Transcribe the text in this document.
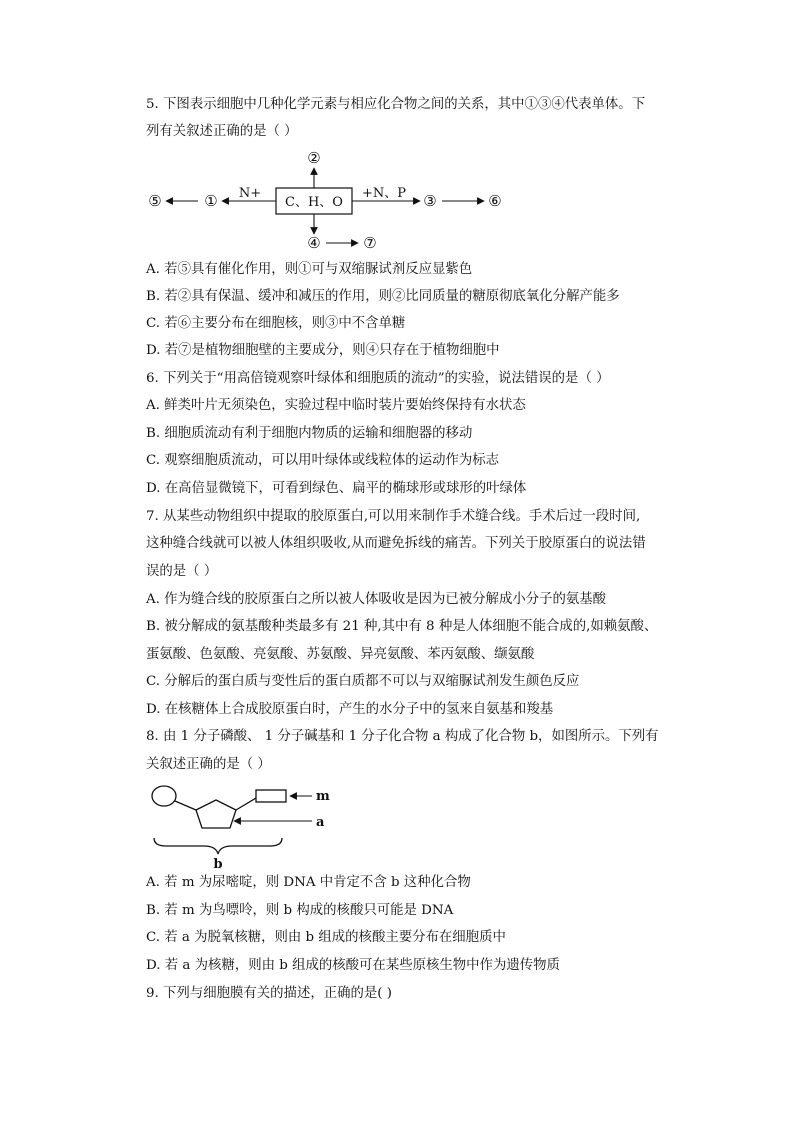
5. 下图表示细胞中几种化学元素与相应化合物之间的关系，其中①③④代表单体。下
列有关叙述正确的是（ ）
C、H、O
②
④	⑦
N+
①
⑤	+N、P ③	⑥
A. 若⑤具有催化作用，则①可与双缩脲试剂反应显紫色
B. 若②具有保温、缓冲和减压的作用，则②比同质量的糖原彻底氧化分解产能多
C. 若⑥主要分布在细胞核，则③中不含单糖
D. 若⑦是植物细胞壁的主要成分，则④只存在于植物细胞中
6. 下列关于“用高倍镜观察叶绿体和细胞质的流动”的实验，说法错误的是（ ）
A. 鲜类叶片无须染色，实验过程中临时装片要始终保持有水状态
B. 细胞质流动有利于细胞内物质的运输和细胞器的移动
C. 观察细胞质流动，可以用叶绿体或线粒体的运动作为标志
D. 在高倍显微镜下，可看到绿色、扁平的椭球形或球形的叶绿体
7. 从某些动物组织中提取的胶原蛋白,可以用来制作手术缝合线。手术后过一段时间,
这种缝合线就可以被人体组织吸收,从而避免拆线的痛苦。下列关于胶原蛋白的说法错
误的是（ ）
A. 作为缝合线的胶原蛋白之所以被人体吸收是因为已被分解成小分子的氨基酸
B. 被分解成的氨基酸种类最多有 21 种,其中有 8 种是人体细胞不能合成的,如赖氨酸、
蛋氨酸、色氨酸、亮氨酸、苏氨酸、异亮氨酸、苯丙氨酸、缬氨酸
C. 分解后的蛋白质与变性后的蛋白质都不可以与双缩脲试剂发生颜色反应
D. 在核糖体上合成胶原蛋白时，产生的水分子中的氢来自氨基和羧基
8. 由 1 分子磷酸、 1 分子碱基和 1 分子化合物 a 构成了化合物 b，如图所示。下列有
关叙述正确的是（ ）
m
a
b
A. 若 m 为尿嘧啶，则 DNA 中肯定不含 b 这种化合物
B. 若 m 为鸟嘌呤，则 b 构成的核酸只可能是 DNA
C. 若 a 为脱氧核糖，则由 b 组成的核酸主要分布在细胞质中
D. 若 a 为核糖，则由 b 组成的核酸可在某些原核生物中作为遗传物质
9. 下列与细胞膜有关的描述，正确的是( )
